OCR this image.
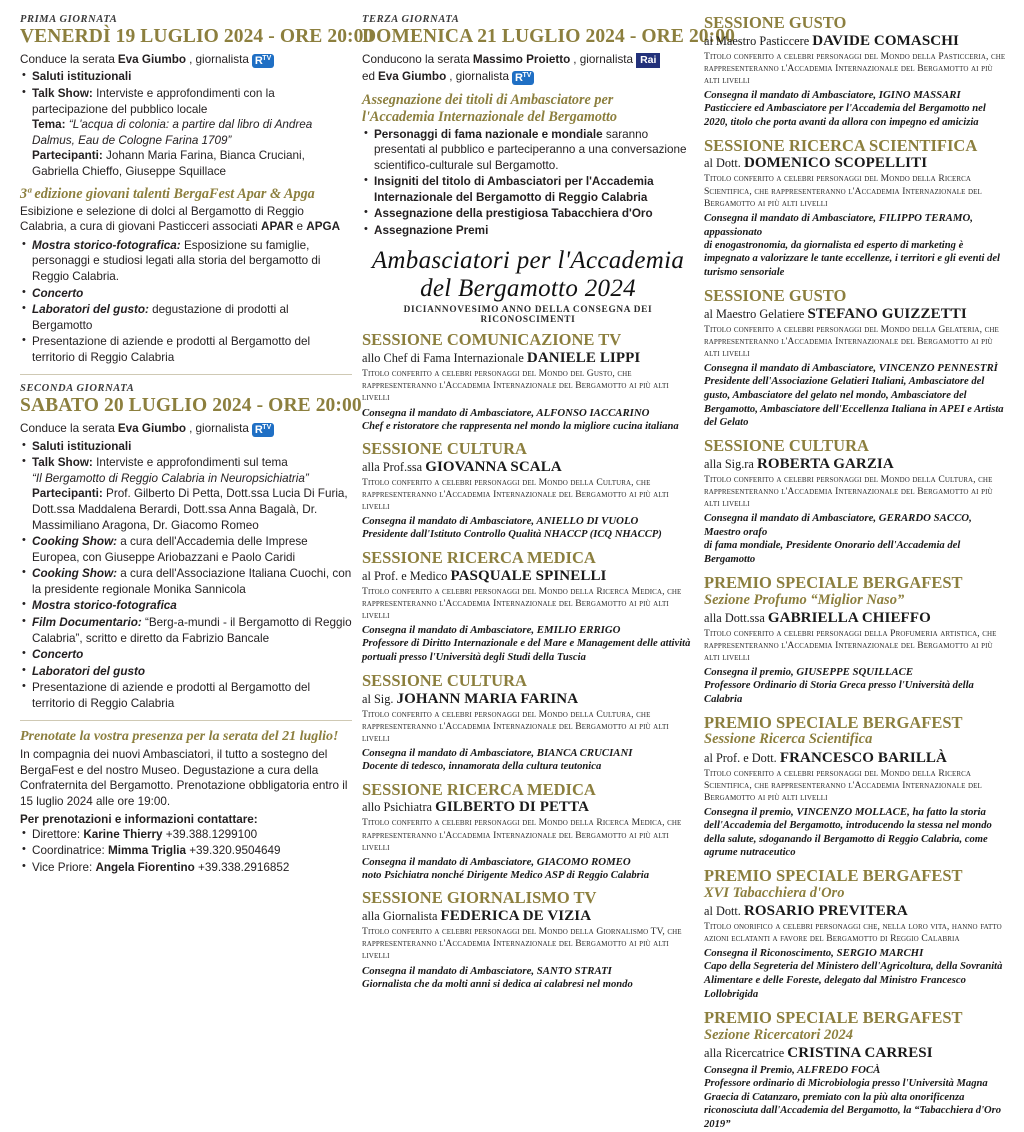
PRIMA GIORNATA
VENERDÌ 19 LUGLIO 2024 - ORE 20:00
Conduce la serata Eva Giumbo , giornalista R TV
• Saluti istituzionali
• Talk Show: Interviste e approfondimenti con la partecipazione del pubblico locale
Tema: “L'acqua di colonia: a partire dal libro di Andrea Dalmus, Eau de Cologne Farina 1709”
Partecipanti: Johann Maria Farina, Bianca Cruciani, Gabriella Chieffo, Giuseppe Squillace
3ª edizione giovani talenti BergaFest Apar & Apga
Esibizione e selezione di dolci al Bergamotto di Reggio Calabria, a cura di giovani Pasticceri associati APAR e APGA
• Mostra storico-fotografica: Esposizione su famiglie, personaggi e studiosi legati alla storia del bergamotto di Reggio Calabria.
• Concerto
• Laboratori del gusto: degustazione di prodotti al Bergamotto
• Presentazione di aziende e prodotti al Bergamotto del territorio di Reggio Calabria
SECONDA GIORNATA
SABATO 20 LUGLIO 2024 - ORE 20:00
Conduce la serata Eva Giumbo , giornalista R TV
• Saluti istituzionali
• Talk Show: Interviste e approfondimenti sul tema
“Il Bergamotto di Reggio Calabria in Neuropsichiatria”
Partecipanti: Prof. Gilberto Di Petta, Dott.ssa Lucia Di Furia, Dott.ssa Maddalena Berardi, Dott.ssa Anna Bagalà, Dr. Massimiliano Aragona, Dr. Giacomo Romeo
• Cooking Show: a cura dell'Accademia delle Imprese Europea, con Giuseppe Ariobazzani e Paolo Caridi
• Cooking Show: a cura dell'Associazione Italiana Cuochi, con la presidente regionale Monika Sannicola
• Mostra storico-fotografica
• Film Documentario: “Berg-a-mundi - il Bergamotto di Reggio Calabria”, scritto e diretto da Fabrizio Bancale
• Concerto
• Laboratori del gusto
• Presentazione di aziende e prodotti al Bergamotto del territorio di Reggio Calabria
Prenotate la vostra presenza per la serata del 21 luglio!
In compagnia dei nuovi Ambasciatori, il tutto a sostegno del BergaFest e del nostro Museo. Degustazione a cura della Confraternita del Bergamotto. Prenotazione obbligatoria entro il 15 luglio 2024 alle ore 19:00.
Per prenotazioni e informazioni contattare:
• Direttore: Karine Thierry +39.388.1299100
• Coordinatrice: Mimma Triglia +39.320.9504649
• Vice Priore: Angela Fiorentino +39.338.2916852
TERZA GIORNATA
DOMENICA 21 LUGLIO 2024 - ORE 20:00
Conducono la serata Massimo Proietto , giornalista Rai
ed Eva Giumbo , giornalista R TV
Assegnazione dei titoli di Ambasciatore per
l'Accademia Internazionale del Bergamotto
• Personaggi di fama nazionale e mondiale saranno presentati al pubblico e parteciperanno a una conversazione scientifico-culturale sul Bergamotto.
• Insigniti del titolo di Ambasciatori per l'Accademia Internazionale del Bergamotto di Reggio Calabria
• Assegnazione della prestigiosa Tabacchiera d'Oro
• Assegnazione Premi
Ambasciatori per l'Accademia
del Bergamotto 2024
DICIANNOVESIMO ANNO DELLA CONSEGNA DEI RICONOSCIMENTI
SESSIONE COMUNICAZIONE TV
allo Chef di Fama Internazionale DANIELE LIPPI
Titolo conferito a celebri personaggi del Mondo del Gusto, che rappresenteranno l'Accademia Internazionale del Bergamotto ai più alti livelli
Consegna il mandato di Ambasciatore, ALFONSO IACCARINO
Chef e ristoratore che rappresenta nel mondo la migliore cucina italiana
SESSIONE CULTURA
alla Prof.ssa GIOVANNA SCALA
Titolo conferito a celebri personaggi del Mondo della Cultura, che rappresenteranno l'Accademia Internazionale del Bergamotto ai più alti livelli
Consegna il mandato di Ambasciatore, ANIELLO DI VUOLO
Presidente dall'Istituto Controllo Qualità NHACCP (ICQ NHACCP)
SESSIONE RICERCA MEDICA
al Prof. e Medico PASQUALE SPINELLI
Titolo conferito a celebri personaggi del Mondo della Ricerca Medica, che rappresenteranno l'Accademia Internazionale del Bergamotto ai più alti livelli
Consegna il mandato di Ambasciatore, EMILIO ERRIGO
Professore di Diritto Internazionale e del Mare e Management delle attività portuali presso l'Università degli Studi della Tuscia
SESSIONE CULTURA
al Sig. JOHANN MARIA FARINA
Titolo conferito a celebri personaggi del Mondo della Cultura, che rappresenteranno l'Accademia Internazionale del Bergamotto ai più alti livelli
Consegna il mandato di Ambasciatore, BIANCA CRUCIANI
Docente di tedesco, innamorata della cultura teutonica
SESSIONE RICERCA MEDICA
allo Psichiatra GILBERTO DI PETTA
Titolo conferito a celebri personaggi del Mondo della Ricerca Medica, che rappresenteranno l'Accademia Internazionale del Bergamotto ai più alti livelli
Consegna il mandato di Ambasciatore, GIACOMO ROMEO
noto Psichiatra nonché Dirigente Medico ASP di Reggio Calabria
SESSIONE GIORNALISMO TV
alla Giornalista FEDERICA DE VIZIA
Titolo conferito a celebri personaggi del Mondo della Giornalismo TV, che rappresenteranno l'Accademia Internazionale del Bergamotto ai più alti livelli
Consegna il mandato di Ambasciatore, SANTO STRATI
Giornalista che da molti anni si dedica ai calabresi nel mondo
SESSIONE GUSTO
al Maestro Pasticcere DAVIDE COMASCHI
Titolo conferito a celebri personaggi del Mondo della Pasticceria, che rappresenteranno l'Accademia Internazionale del Bergamotto ai più alti livelli
Consegna il mandato di Ambasciatore, IGINO MASSARI
Pasticciere ed Ambasciatore per l'Accademia del Bergamotto nel 2020, titolo che porta avanti da allora con impegno ed amicizia
SESSIONE RICERCA SCIENTIFICA
al Dott. DOMENICO SCOPELLITI
Titolo conferito a celebri personaggi del Mondo della Ricerca Scientifica, che rappresenteranno l'Accademia Internazionale del Bergamotto ai più alti livelli
Consegna il mandato di Ambasciatore, FILIPPO TERAMO, appassionato
di enogastronomia, da giornalista ed esperto di marketing è impegnato a valorizzare le tante eccellenze, i territori e gli eventi del turismo sensoriale
SESSIONE GUSTO
al Maestro Gelatiere STEFANO GUIZZETTI
Titolo conferito a celebri personaggi del Mondo della Gelateria, che rappresenteranno l'Accademia Internazionale del Bergamotto ai più alti livelli
Consegna il mandato di Ambasciatore, VINCENZO PENNESTRÌ
Presidente dell'Associazione Gelatieri Italiani, Ambasciatore del gusto, Ambasciatore del gelato nel mondo, Ambasciatore del Bergamotto, Ambasciatore dell'Eccellenza Italiana in APEI e Artista del Gelato
SESSIONE CULTURA
alla Sig.ra ROBERTA GARZIA
Titolo conferito a celebri personaggi del Mondo della Cultura, che rappresenteranno l'Accademia Internazionale del Bergamotto ai più alti livelli
Consegna il mandato di Ambasciatore, GERARDO SACCO, Maestro orafo
di fama mondiale, Presidente Onorario dell'Accademia del Bergamotto
PREMIO SPECIALE BERGAFEST
Sezione Profumo “Miglior Naso”
alla Dott.ssa GABRIELLA CHIEFFO
Titolo conferito a celebri personaggi della Profumeria artistica, che rappresenteranno l'Accademia Internazionale del Bergamotto ai più alti livelli
Consegna il premio, GIUSEPPE SQUILLACE
Professore Ordinario di Storia Greca presso l'Università della Calabria
PREMIO SPECIALE BERGAFEST
Sessione Ricerca Scientifica
al Prof. e Dott. FRANCESCO BARILLÀ
Titolo conferito a celebri personaggi del Mondo della Ricerca Scientifica, che rappresenteranno l'Accademia Internazionale del Bergamotto ai più alti livelli
Consegna il premio, VINCENZO MOLLACE, ha fatto la storia
dell'Accademia del Bergamotto, introducendo la stessa nel mondo della salute, sdoganando il Bergamotto di Reggio Calabria, come agrume nutraceutico
PREMIO SPECIALE BERGAFEST
XVI Tabacchiera d'Oro
al Dott. ROSARIO PREVITERA
Titolo onorifico a celebri personaggi che, nella loro vita, hanno fatto azioni eclatanti a favore del Bergamotto di Reggio Calabria
Consegna il Riconoscimento, SERGIO MARCHI
Capo della Segreteria del Ministero dell'Agricoltura, della Sovranità Alimentare e delle Foreste, delegato dal Ministro Francesco Lollobrigida
PREMIO SPECIALE BERGAFEST
Sezione Ricercatori 2024
alla Ricercatrice CRISTINA CARRESI
Consegna il Premio, ALFREDO FOCÀ
Professore ordinario di Microbiologia presso l'Università Magna Graecia di Catanzaro, premiato con la più alta onorificenza riconosciuta dall'Accademia del Bergamotto, la “Tabacchiera d'Oro 2019”
